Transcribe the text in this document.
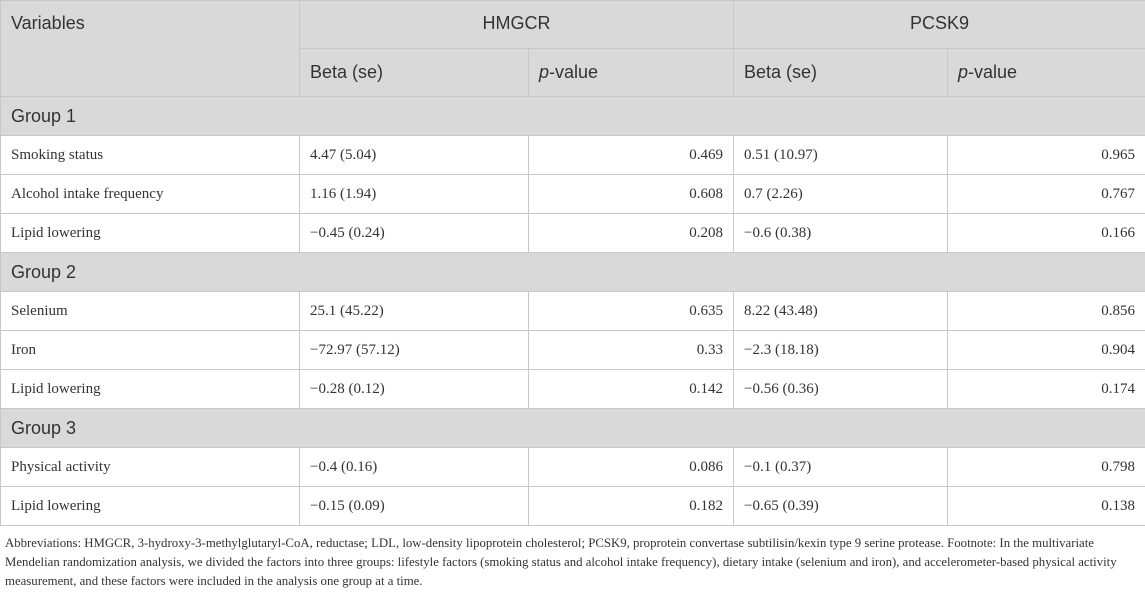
Variables	HMGCR		PCSK9	
	Beta (se)	p-value	Beta (se)	p-value
Group 1				
Smoking status	4.47 (5.04)	0.469	0.51 (10.97)	0.965
Alcohol intake frequency	1.16 (1.94)	0.608	0.7 (2.26)	0.767
Lipid lowering	−0.45 (0.24)	0.208	−0.6 (0.38)	0.166
Group 2				
Selenium	25.1 (45.22)	0.635	8.22 (43.48)	0.856
Iron	−72.97 (57.12)	0.33	−2.3 (18.18)	0.904
Lipid lowering	−0.28 (0.12)	0.142	−0.56 (0.36)	0.174
Group 3				
Physical activity	−0.4 (0.16)	0.086	−0.1 (0.37)	0.798
Lipid lowering	−0.15 (0.09)	0.182	−0.65 (0.39)	0.138
Abbreviations: HMGCR, 3-hydroxy-3-methylglutaryl-CoA, reductase; LDL, low-density lipoprotein cholesterol; PCSK9, proprotein convertase subtilisin/kexin type 9 serine protease. Footnote: In the multivariate Mendelian randomization analysis, we divided the factors into three groups: lifestyle factors (smoking status and alcohol intake frequency), dietary intake (selenium and iron), and accelerometer-based physical activity measurement, and these factors were included in the analysis one group at a time.
